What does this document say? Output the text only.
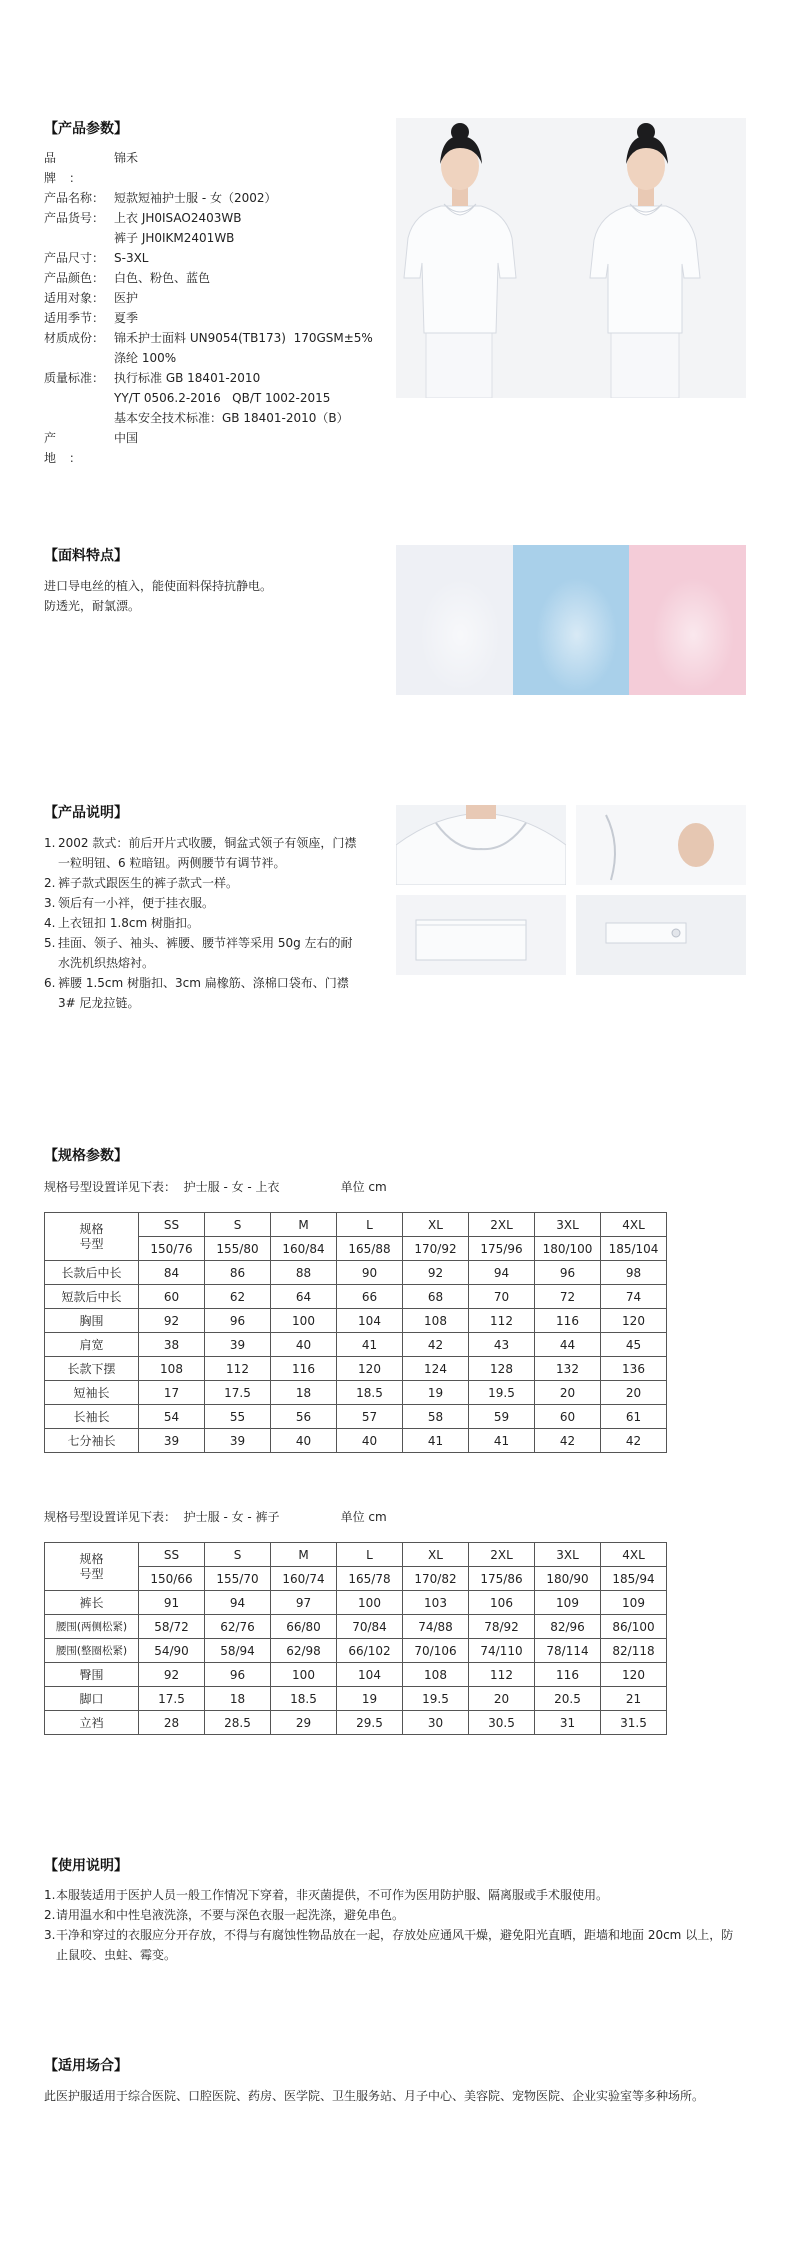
【产品参数】
品牌：
锦禾
产品名称： 短款短袖护士服 - 女（2002）
产品货号： 上衣 JH0ISAO2403WB
裤子 JH0IKM2401WB
产品尺寸： S-3XL
产品颜色： 白色、粉色、蓝色
适用对象： 医护
适用季节： 夏季
材质成份： 锦禾护士面料 UN9054(TB173)  170GSM±5%
涤纶 100%
质量标准： 执行标准 GB 18401-2010
YY/T 0506.2-2016   QB/T 1002-2015
基本安全技术标准：GB 18401-2010（B）
产地：
中国
【面料特点】
进口导电丝的植入，能使面料保持抗静电。
防透光，耐氯漂。
【产品说明】
1. 2002 款式：前后开片式收腰，铜盆式领子有领座，门襟一粒明钮、6 粒暗钮。两侧腰节有调节袢。
2. 裤子款式跟医生的裤子款式一样。
3. 领后有一小袢，便于挂衣服。
4. 上衣钮扣 1.8cm 树脂扣。
5. 挂面、领子、袖头、裤腰、腰节袢等采用 50g 左右的耐水洗机织热熔衬。
6. 裤腰 1.5cm 树脂扣、3cm 扁橡筋、涤棉口袋布、门襟 3# 尼龙拉链。
【规格参数】
规格号型设置详见下表：  护士服 - 女 - 上衣                单位 cm
规格
号型	SS	S	M	L	XL	2XL	3XL	4XL
	150/76	155/80	160/84	165/88	170/92	175/96	180/100	185/104
长款后中长	84	86	88	90	92	94	96	98
短款后中长	60	62	64	66	68	70	72	74
胸围	92	96	100	104	108	112	116	120
肩宽	38	39	40	41	42	43	44	45
长款下摆	108	112	116	120	124	128	132	136
短袖长	17	17.5	18	18.5	19	19.5	20	20
长袖长	54	55	56	57	58	59	60	61
七分袖长	39	39	40	40	41	41	42	42
规格号型设置详见下表：  护士服 - 女 - 裤子                单位 cm
规格
号型	SS	S	M	L	XL	2XL	3XL	4XL
	150/66	155/70	160/74	165/78	170/82	175/86	180/90	185/94
裤长	91	94	97	100	103	106	109	109
腰围(两侧松紧)	58/72	62/76	66/80	70/84	74/88	78/92	82/96	86/100
腰围(整圈松紧)	54/90	58/94	62/98	66/102	70/106	74/110	78/114	82/118
臀围	92	96	100	104	108	112	116	120
脚口	17.5	18	18.5	19	19.5	20	20.5	21
立裆	28	28.5	29	29.5	30	30.5	31	31.5
【使用说明】
1. 本服装适用于医护人员一般工作情况下穿着，非灭菌提供，不可作为医用防护服、隔离服或手术服使用。
2. 请用温水和中性皂液洗涤，不要与深色衣服一起洗涤，避免串色。
3. 干净和穿过的衣服应分开存放，不得与有腐蚀性物品放在一起，存放处应通风干燥，避免阳光直晒，距墙和地面 20cm 以上，防止鼠咬、虫蛀、霉变。
【适用场合】
此医护服适用于综合医院、口腔医院、药房、医学院、卫生服务站、月子中心、美容院、宠物医院、企业实验室等多种场所。
